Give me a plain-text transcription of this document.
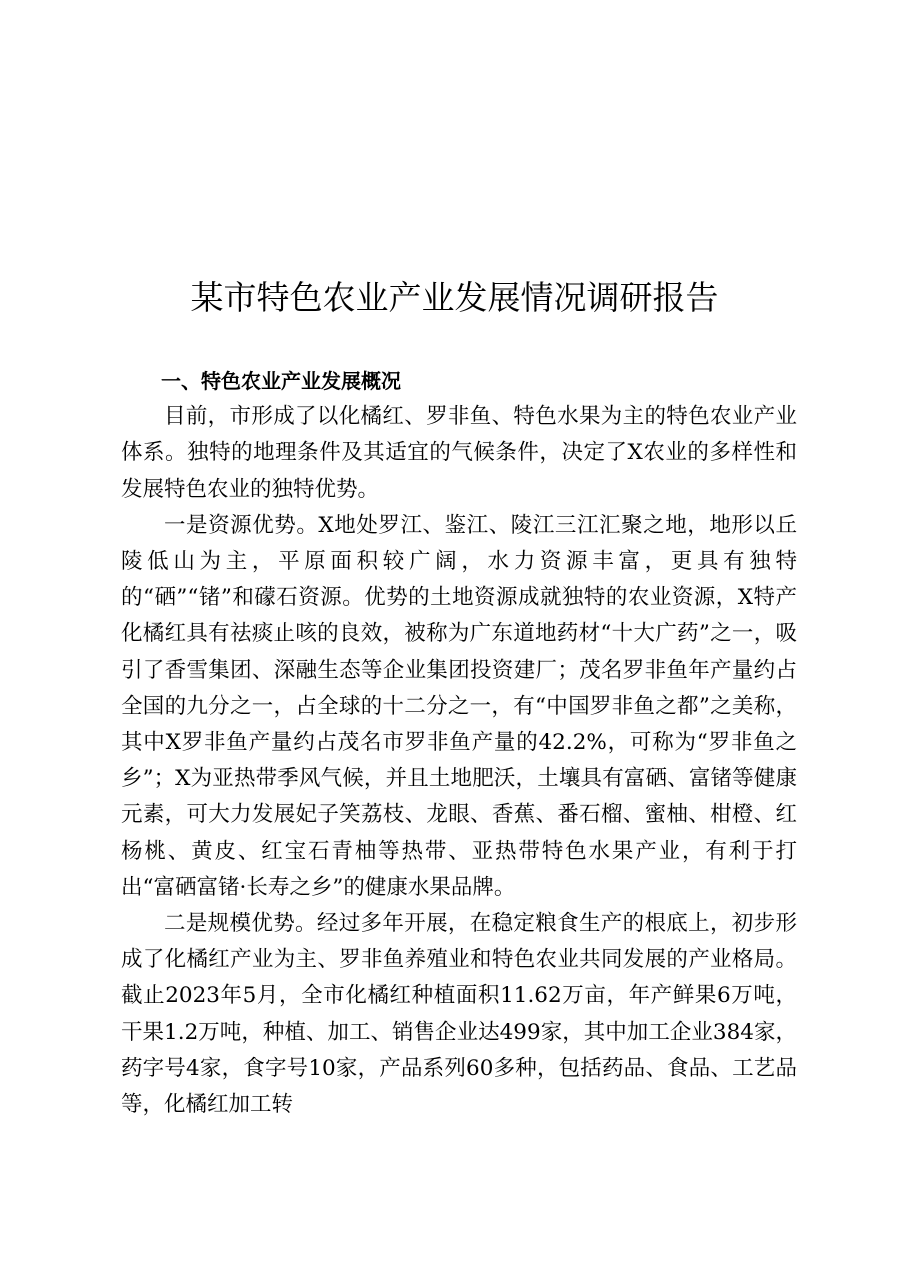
某市特色农业产业发展情况调研报告

一、特色农业产业发展概况

目前，市形成了以化橘红、罗非鱼、特色水果为主的特色农业产业体系。独特的地理条件及其适宜的气候条件，决定了X农业的多样性和发展特色农业的独特优势。

一是资源优势。X地处罗江、鉴江、陵江三江汇聚之地，地形以丘陵低山为主，平原面积较广阔，水力资源丰富，更具有独特的“硒”“锗”和礞石资源。优势的土地资源成就独特的农业资源，X特产化橘红具有祛痰止咳的良效，被称为广东道地药材“十大广药”之一，吸引了香雪集团、深融生态等企业集团投资建厂；茂名罗非鱼年产量约占全国的九分之一，占全球的十二分之一，有“中国罗非鱼之都”之美称，其中X罗非鱼产量约占茂名市罗非鱼产量的42.2%，可称为“罗非鱼之乡”；X为亚热带季风气候，并且土地肥沃，土壤具有富硒、富锗等健康元素，可大力发展妃子笑荔枝、龙眼、香蕉、番石榴、蜜柚、柑橙、红杨桃、黄皮、红宝石青柚等热带、亚热带特色水果产业，有利于打出“富硒富锗·长寿之乡”的健康水果品牌。

二是规模优势。经过多年开展，在稳定粮食生产的根底上，初步形成了化橘红产业为主、罗非鱼养殖业和特色农业共同发展的产业格局。截止2023年5月，全市化橘红种植面积11.62万亩，年产鲜果6万吨，干果1.2万吨，种植、加工、销售企业达499家，其中加工企业384家，药字号4家，食字号10家，产品系列60多种，包括药品、食品、工艺品等，化橘红加工转
